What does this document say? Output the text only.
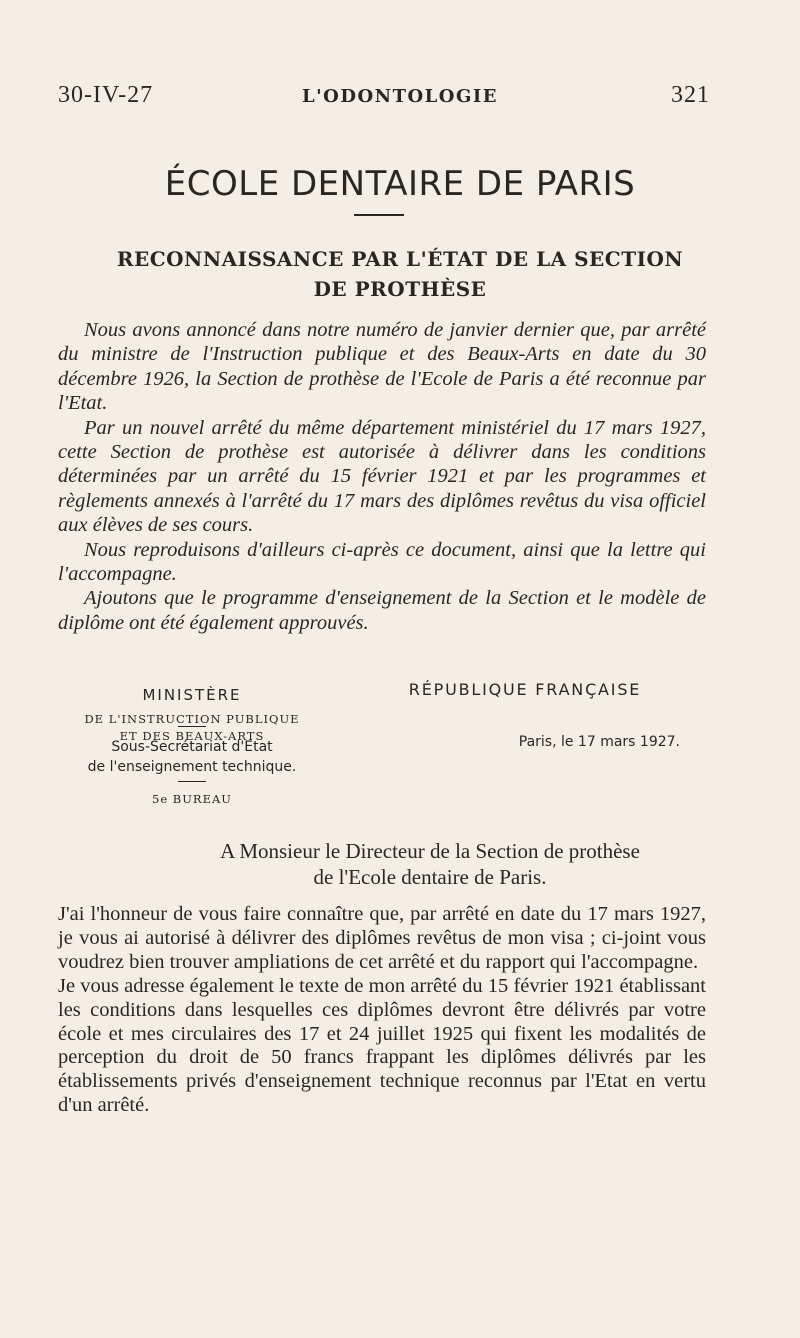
30-IV-27	L'ODONTOLOGIE	321
ÉCOLE DENTAIRE DE PARIS
RECONNAISSANCE PAR L'ÉTAT DE LA SECTION
DE PROTHÈSE

Nous avons annoncé dans notre numéro de janvier dernier que, par arrêté du ministre de l'Instruction publique et des Beaux-Arts en date du 30 décembre 1926, la Section de prothèse de l'Ecole de Paris a été reconnue par l'Etat.

Par un nouvel arrêté du même département ministériel du 17 mars 1927, cette Section de prothèse est autorisée à délivrer dans les conditions déterminées par un arrêté du 15 février 1921 et par les programmes et règlements annexés à l'arrêté du 17 mars des diplômes revêtus du visa officiel aux élèves de ses cours.

Nous reproduisons d'ailleurs ci-après ce document, ainsi que la lettre qui l'accompagne.

Ajoutons que le programme d'enseignement de la Section et le modèle de diplôme ont été également approuvés.

MINISTÈRE
DE L'INSTRUCTION PUBLIQUE
ET DES BEAUX-ARTS
Sous-Secrétariat d'Etat
de l'enseignement technique.
5e BUREAU
RÉPUBLIQUE FRANÇAISE
Paris, le 17 mars 1927.
A Monsieur le Directeur de la Section de prothèse
de l'Ecole dentaire de Paris.

J'ai l'honneur de vous faire connaître que, par arrêté en date du 17 mars 1927, je vous ai autorisé à délivrer des diplômes revêtus de mon visa ; ci-joint vous voudrez bien trouver ampliations de cet arrêté et du rapport qui l'accompagne.

Je vous adresse également le texte de mon arrêté du 15 février 1921 établissant les conditions dans lesquelles ces diplômes devront être délivrés par votre école et mes circulaires des 17 et 24 juillet 1925 qui fixent les modalités de perception du droit de 50 francs frappant les diplômes délivrés par les établissements privés d'enseignement technique reconnus par l'Etat en vertu d'un arrêté.
